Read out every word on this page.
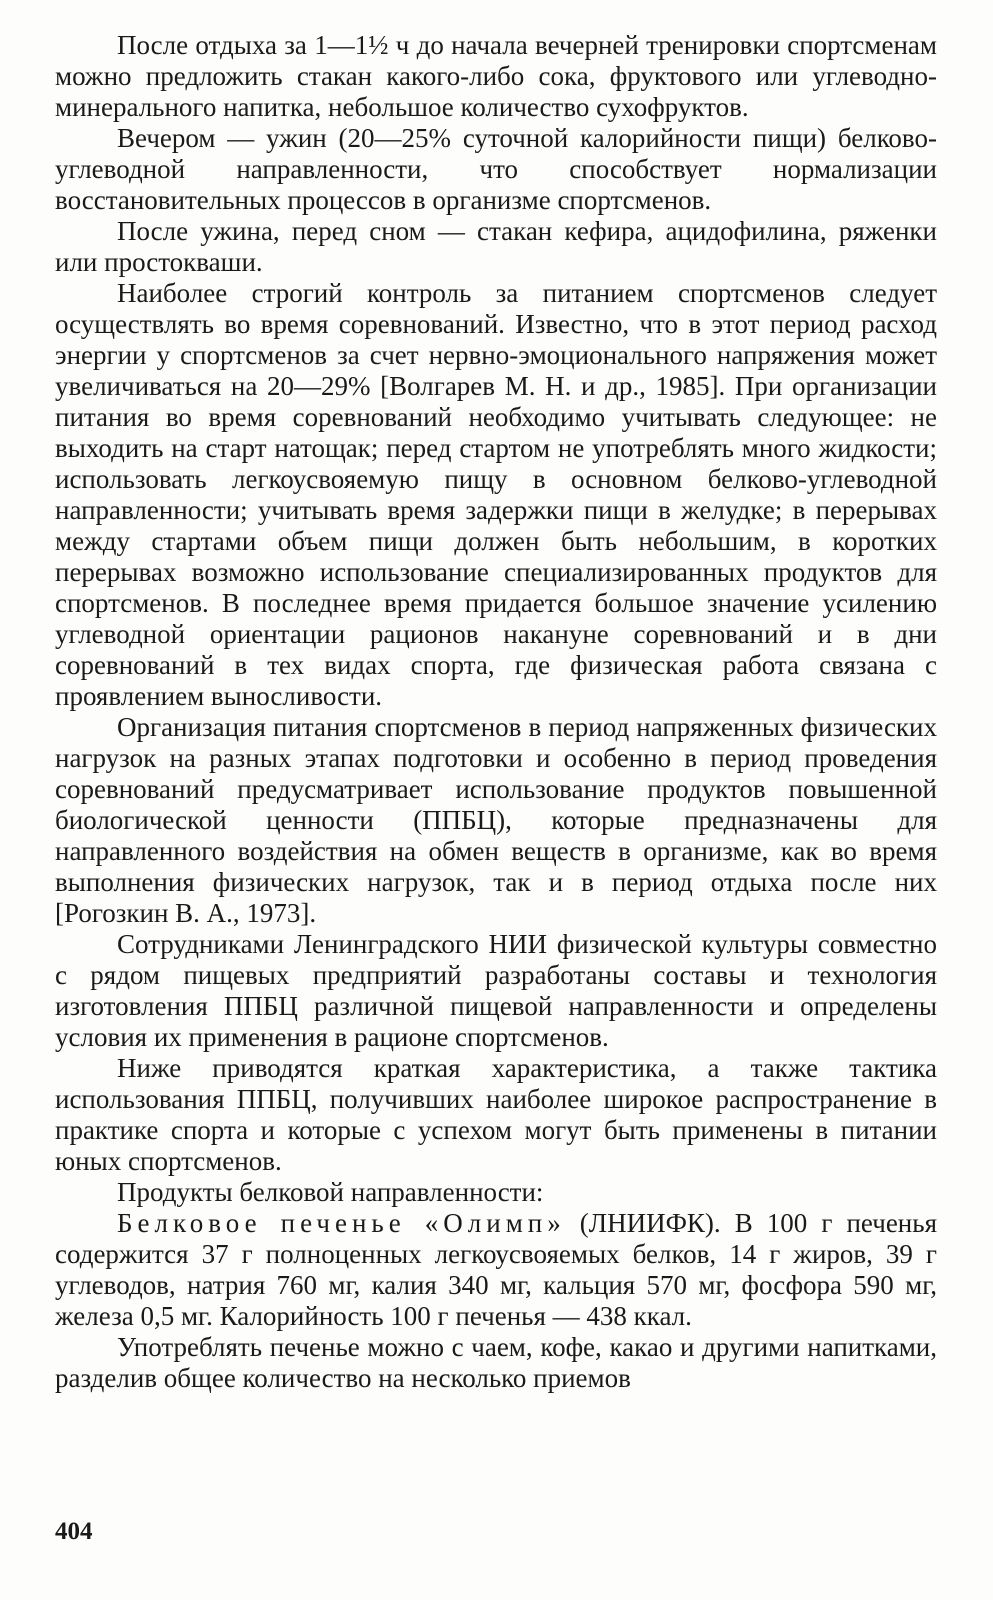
После отдыха за 1—1½ ч до начала вечерней тренировки спортсменам можно предложить стакан какого-либо сока, фруктового или углеводно-минерального напитка, небольшое количество сухофруктов.

Вечером — ужин (20—25% суточной калорийности пищи) белково-углеводной направленности, что способствует нормализации восстановительных процессов в организме спортсменов.

После ужина, перед сном — стакан кефира, ацидофилина, ряженки или простокваши.

Наиболее строгий контроль за питанием спортсменов следует осуществлять во время соревнований. Известно, что в этот период расход энергии у спортсменов за счет нервно-эмоционального напряжения может увеличиваться на 20—29% [Волгарев М. Н. и др., 1985]. При организации питания во время соревнований необходимо учитывать следующее: не выходить на старт натощак; перед стартом не употреблять много жидкости; использовать легкоусвояемую пищу в основном белково-углеводной направленности; учитывать время задержки пищи в желудке; в перерывах между стартами объем пищи должен быть небольшим, в коротких перерывах возможно использование специализированных продуктов для спортсменов. В последнее время придается большое значение усилению углеводной ориентации рационов накануне соревнований и в дни соревнований в тех видах спорта, где физическая работа связана с проявлением выносливости.

Организация питания спортсменов в период напряженных физических нагрузок на разных этапах подготовки и особенно в период проведения соревнований предусматривает использование продуктов повышенной биологической ценности (ППБЦ), которые предназначены для направленного воздействия на обмен веществ в организме, как во время выполнения физических нагрузок, так и в период отдыха после них [Рогозкин В. А., 1973].

Сотрудниками Ленинградского НИИ физической культуры совместно с рядом пищевых предприятий разработаны составы и технология изготовления ППБЦ различной пищевой направленности и определены условия их применения в рационе спортсменов.

Ниже приводятся краткая характеристика, а также тактика использования ППБЦ, получивших наиболее широкое распространение в практике спорта и которые с успехом могут быть применены в питании юных спортсменов.

Продукты белковой направленности:

Белковое печенье «Олимп» (ЛНИИФК). В 100 г печенья содержится 37 г полноценных легкоусвояемых белков, 14 г жиров, 39 г углеводов, натрия 760 мг, калия 340 мг, кальция 570 мг, фосфора 590 мг, железа 0,5 мг. Калорийность 100 г печенья — 438 ккал.

Употреблять печенье можно с чаем, кофе, какао и другими напитками, разделив общее количество на несколько приемов

404
